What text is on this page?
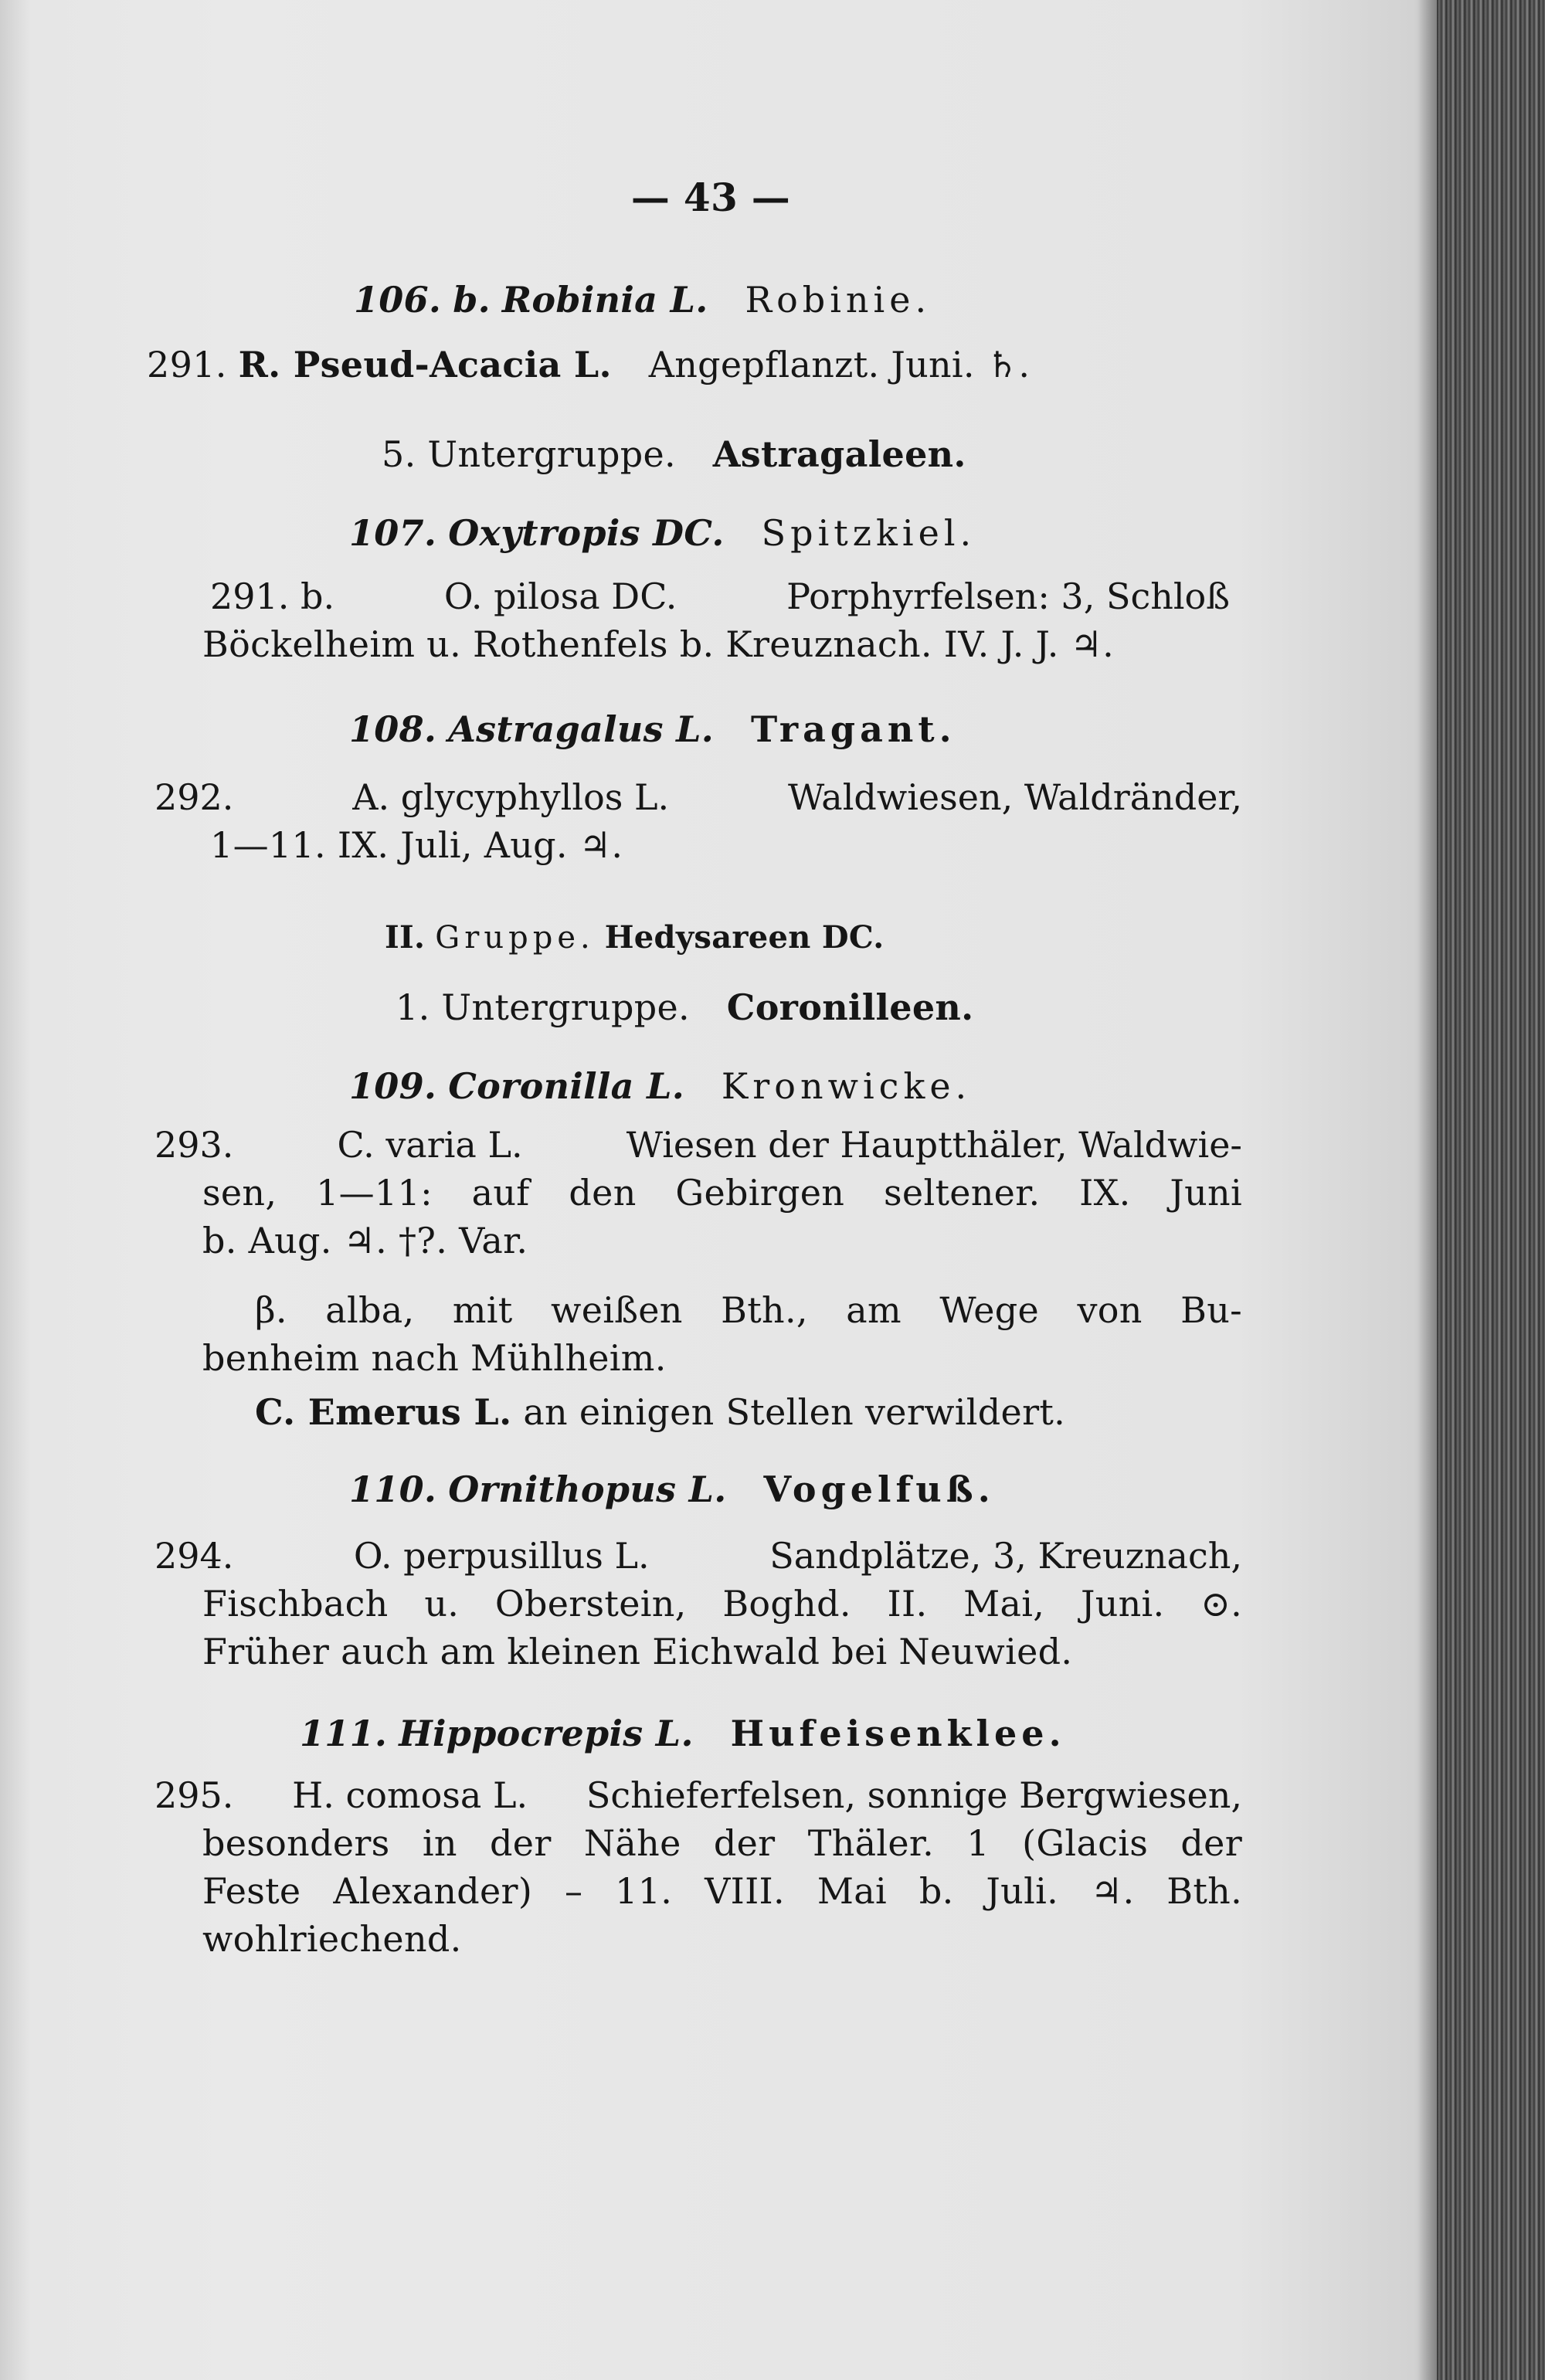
— 43 —
106. b. Robinia L. Robinie.
291. R. Pseud-Acacia L. Angepflanzt. Juni. ♄.
5. Untergruppe. Astragaleen.
107. Oxytropis DC. Spitzkiel.
291. b.	O. pilosa DC.	Porphyrfelsen: 3, Schloß
Böckelheim u. Rothenfels b. Kreuznach. IV. J. J. ♃.
108. Astragalus L. Tragant.
292.	A. glycyphyllos L.	Waldwiesen, Waldränder,
1—11. IX. Juli, Aug. ♃.
II. Gruppe. Hedysareen DC.
1. Untergruppe. Coronilleen.
109. Coronilla L. Kronwicke.
293.	C. varia L.	Wiesen der Hauptthäler, Waldwie-
sen, 1—11: auf den Gebirgen seltener. IX. Juni
b. Aug. ♃. †?. Var.
β. alba, mit weißen Bth., am Wege von Bu-
benheim nach Mühlheim.
C. Emerus L. an einigen Stellen verwildert.
110. Ornithopus L. Vogelfuß.
294.	O. perpusillus L.	Sandplätze, 3, Kreuznach,
Fischbach u. Oberstein, Boghd. II. Mai, Juni. ⊙.
Früher auch am kleinen Eichwald bei Neuwied.
111. Hippocrepis L. Hufeisenklee.
295. H. comosa L. Schieferfelsen, sonnige Bergwiesen,
besonders in der Nähe der Thäler. 1 (Glacis der
Feste Alexander) – 11. VIII. Mai b. Juli. ♃. Bth.
wohlriechend.
